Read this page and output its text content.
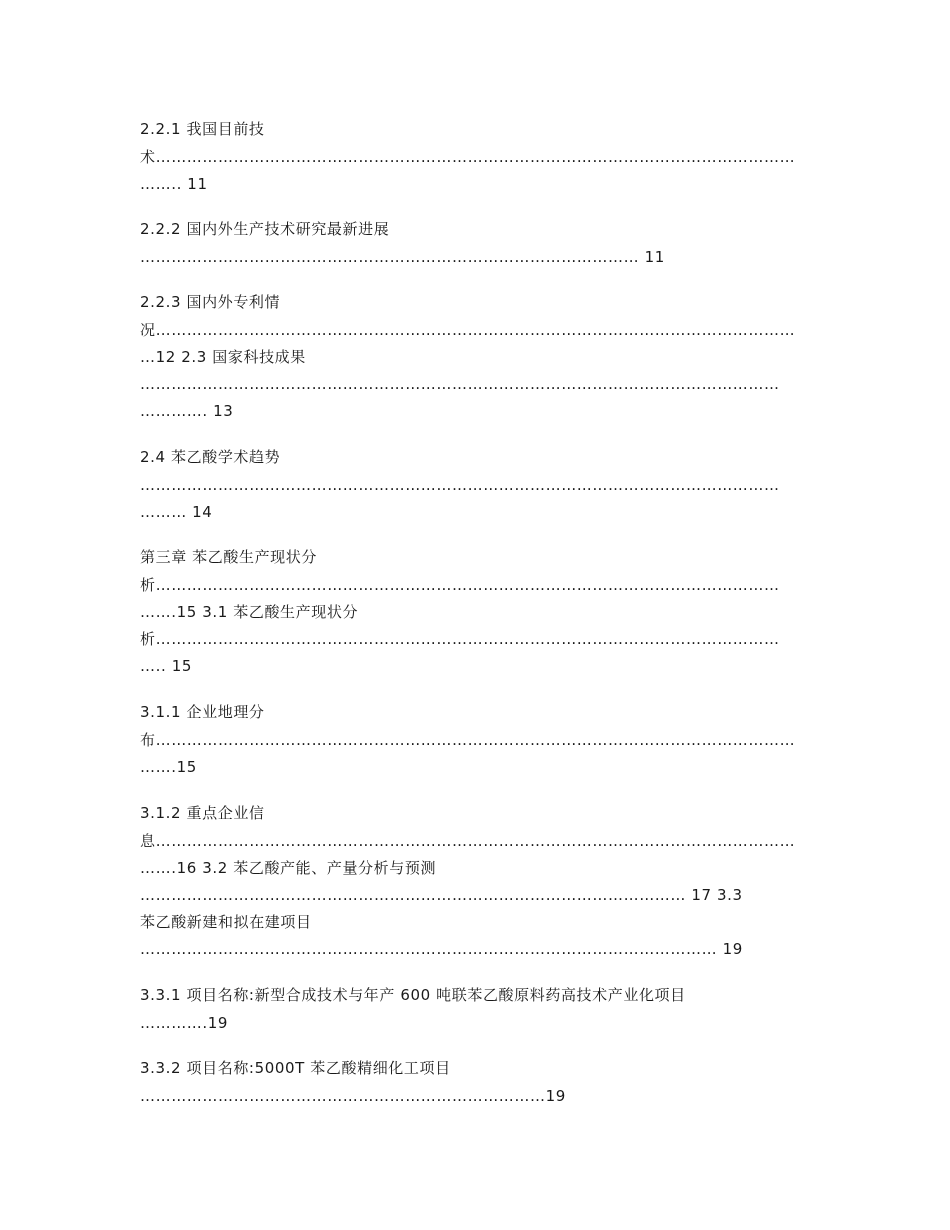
2.2.1 我国目前技
术……………………………………………………………………………………………………………
…….. 11
2.2.2 国内外生产技术研究最新进展
…………………………………………………………………………………… 11
2.2.3 国内外专利情
况……………………………………………………………………………………………………………
…12 2.3 国家科技成果
……………………………………………………………………………………………………………
…………. 13
2.4 苯乙酸学术趋势
……………………………………………………………………………………………………………
……… 14
第三章 苯乙酸生产现状分
析…………………………………………………………………………………………………………
…….15 3.1 苯乙酸生产现状分
析…………………………………………………………………………………………………………
….. 15
3.1.1 企业地理分
布……………………………………………………………………………………………………………
…….15
3.1.2 重点企业信
息……………………………………………………………………………………………………………
…….16 3.2 苯乙酸产能、产量分析与预测
…………………………………………………………………………………………… 17 3.3
苯乙酸新建和拟在建项目
………………………………………………………………………………………………… 19
3.3.1 项目名称:新型合成技术与年产 600 吨联苯乙酸原料药高技术产业化项目
………….19
3.3.2 项目名称:5000T 苯乙酸精细化工项目
……………………………………………………………………19
